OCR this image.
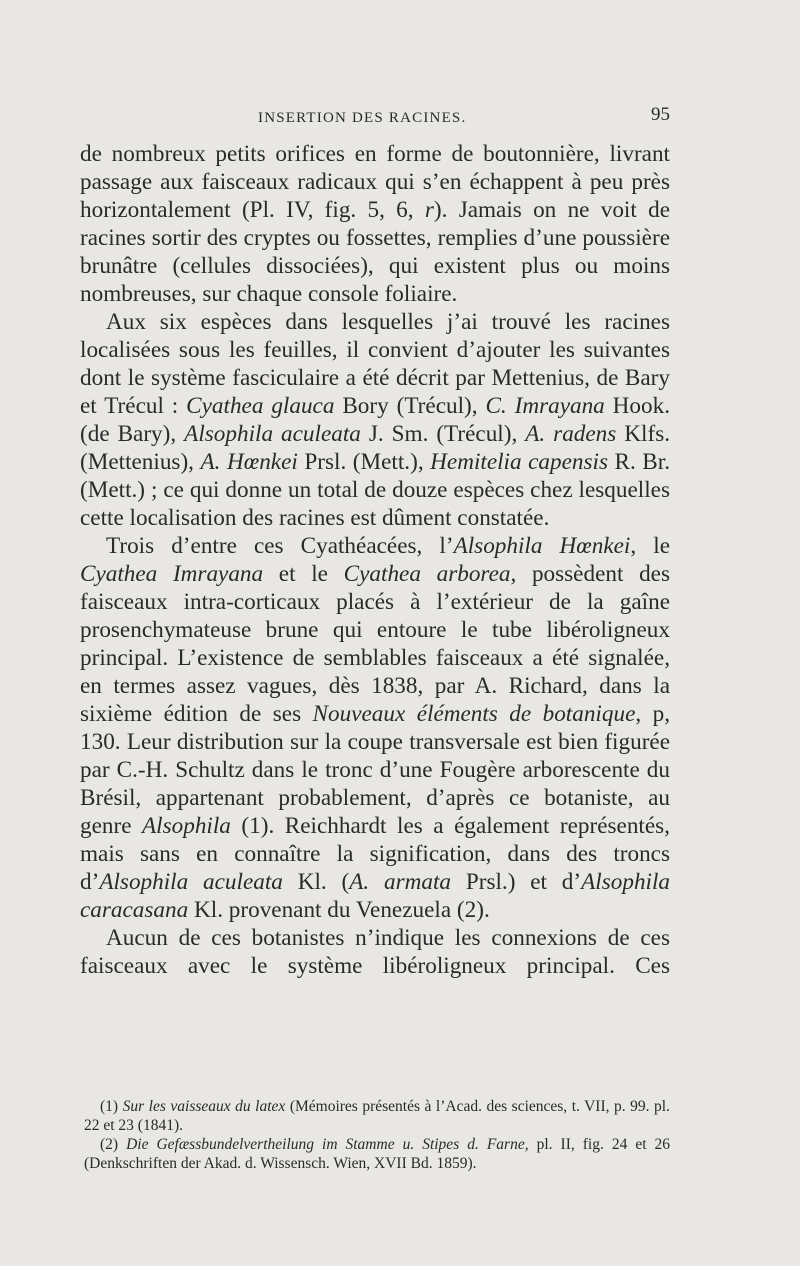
INSERTION DES RACINES.	95

de nombreux petits orifices en forme de boutonnière, livrant passage aux faisceaux radicaux qui s’en échappent à peu près horizontalement (Pl. IV, fig. 5, 6, r). Jamais on ne voit de racines sortir des cryptes ou fossettes, remplies d’une poussière brunâtre (cellules dissociées), qui existent plus ou moins nombreuses, sur chaque console foliaire.

Aux six espèces dans lesquelles j’ai trouvé les racines localisées sous les feuilles, il convient d’ajouter les suivantes dont le système fasciculaire a été décrit par Mettenius, de Bary et Trécul : Cyathea glauca Bory (Trécul), C. Imrayana Hook. (de Bary), Alsophila aculeata J. Sm. (Trécul), A. radens Klfs. (Mettenius), A. Hœnkei Prsl. (Mett.), Hemitelia capensis R. Br. (Mett.) ; ce qui donne un total de douze espèces chez lesquelles cette localisation des racines est dûment constatée.

Trois d’entre ces Cyathéacées, l’Alsophila Hœnkei, le Cyathea Imrayana et le Cyathea arborea, possèdent des faisceaux intra-corticaux placés à l’extérieur de la gaîne prosenchymateuse brune qui entoure le tube libéroligneux principal. L’existence de semblables faisceaux a été signalée, en termes assez vagues, dès 1838, par A. Richard, dans la sixième édition de ses Nouveaux éléments de botanique, p, 130. Leur distribution sur la coupe transversale est bien figurée par C.-H. Schultz dans le tronc d’une Fougère arborescente du Brésil, appartenant probablement, d’après ce botaniste, au genre Alsophila (1). Reichhardt les a également représentés, mais sans en connaître la signification, dans des troncs d’Alsophila aculeata Kl. (A. armata Prsl.) et d’Alsophila caracasana Kl. provenant du Venezuela (2).

Aucun de ces botanistes n’indique les connexions de ces faisceaux avec le système libéroligneux principal. Ces

(1) Sur les vaisseaux du latex (Mémoires présentés à l’Acad. des sciences, t. VII, p. 99. pl. 22 et 23 (1841).

(2) Die Gefæssbundelvertheilung im Stamme u. Stipes d. Farne, pl. II, fig. 24 et 26 (Denkschriften der Akad. d. Wissensch. Wien, XVII Bd. 1859).
